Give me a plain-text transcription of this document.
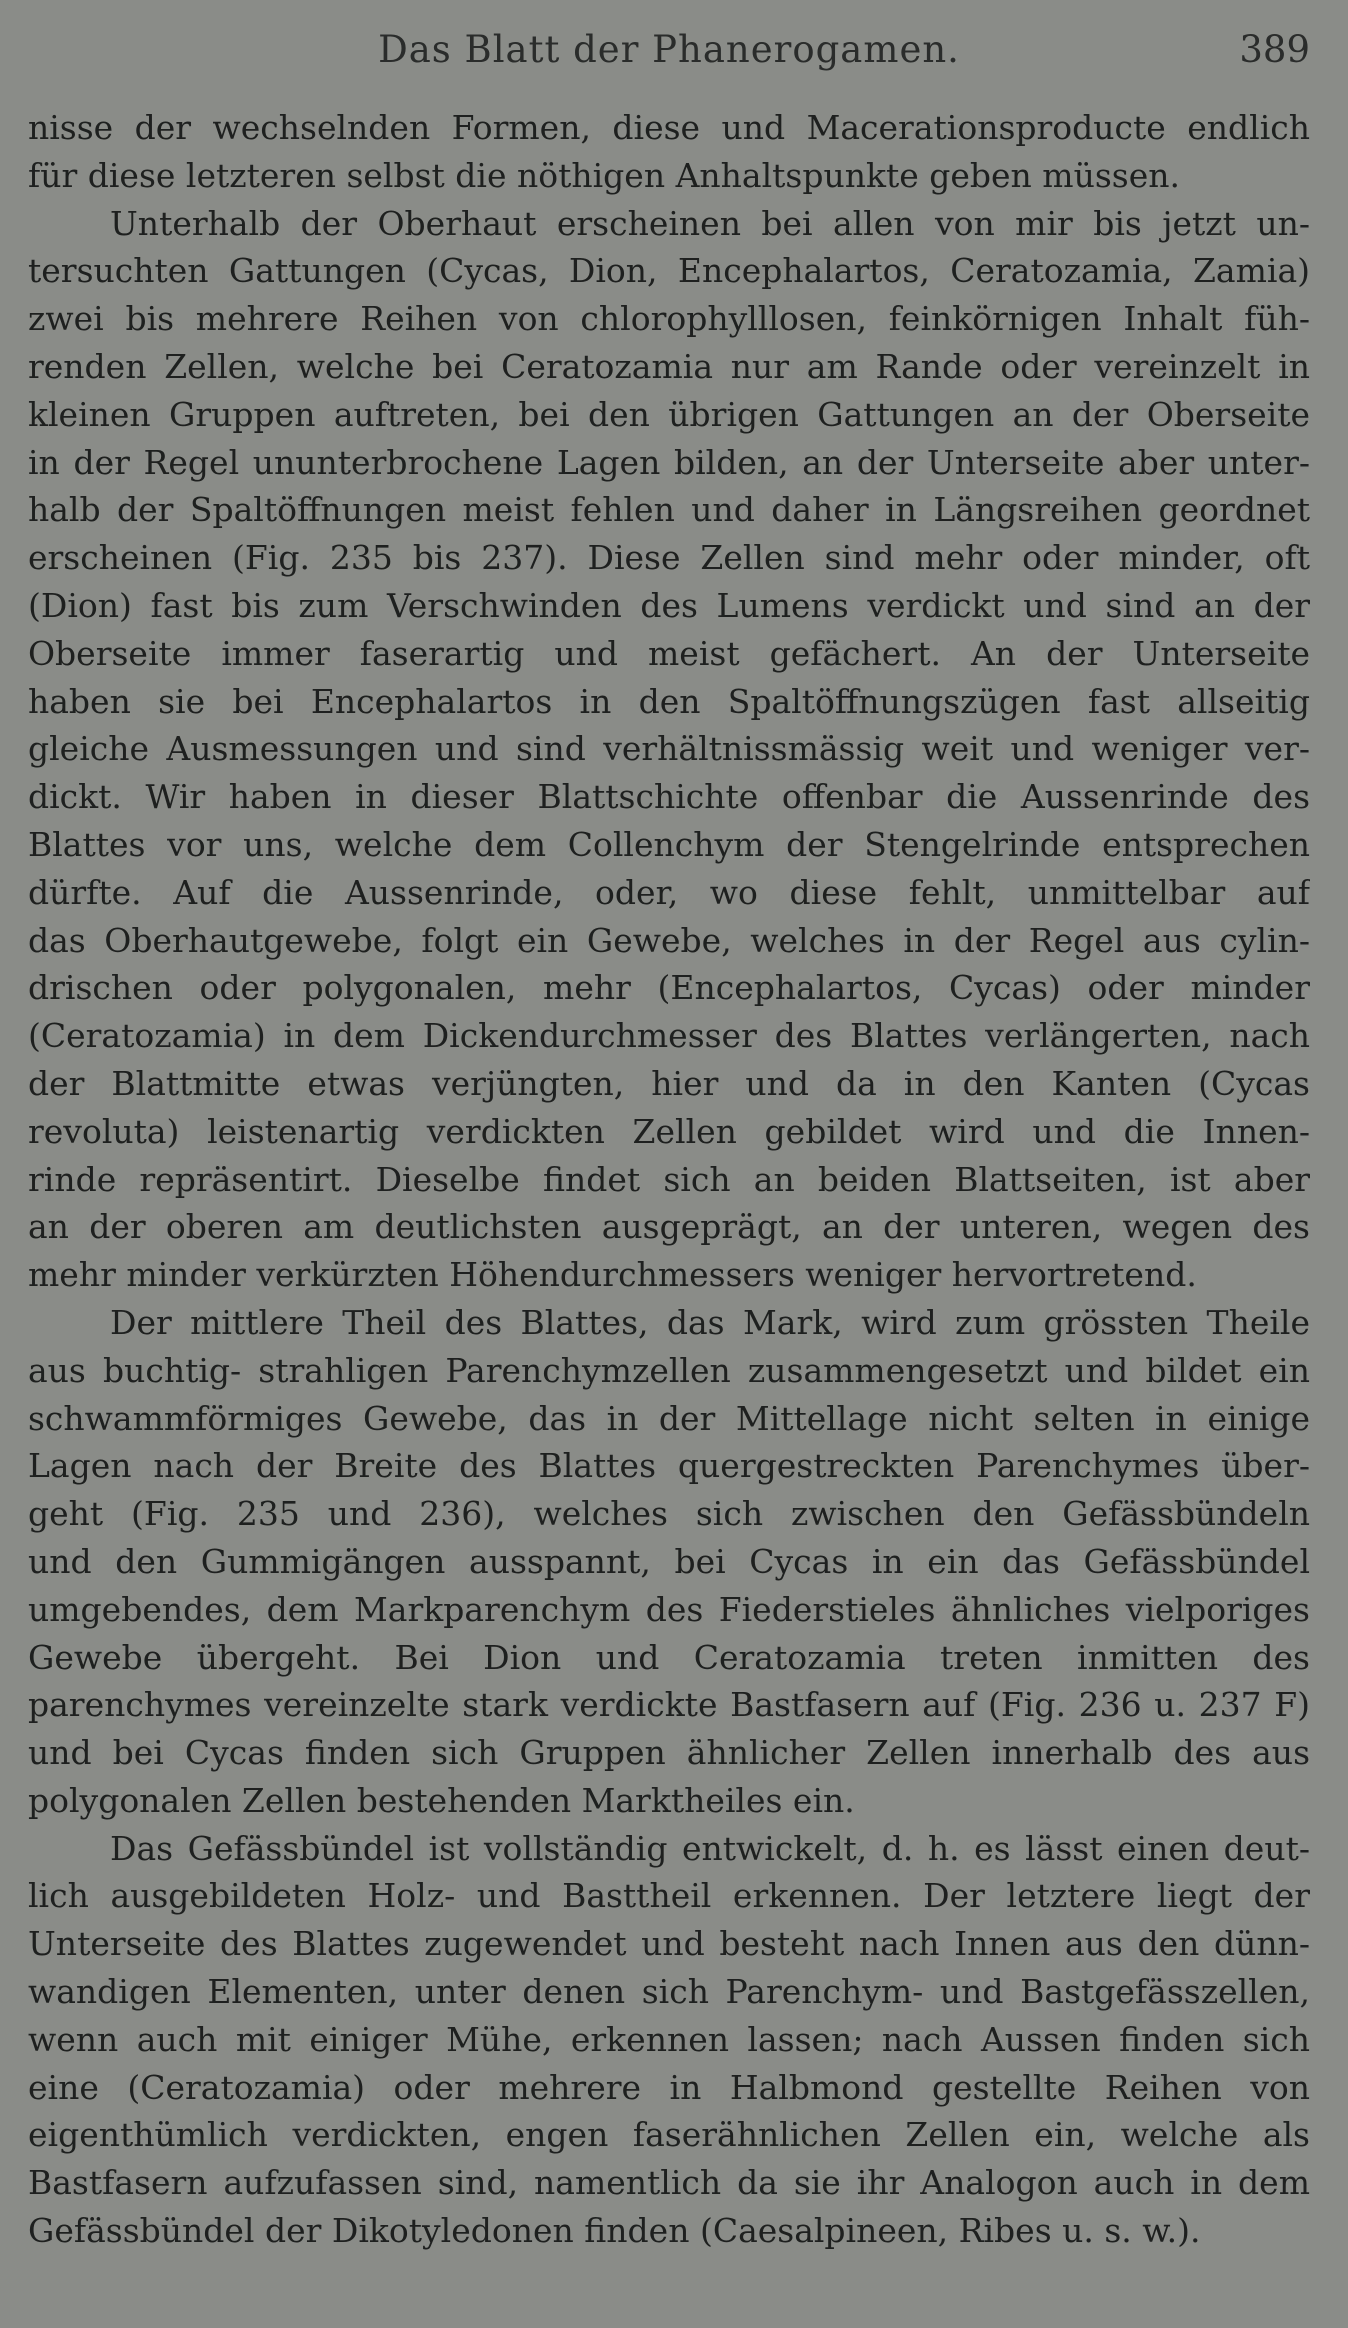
Das Blatt der Phanerogamen.	389

nisse der wechselnden Formen, diese und Macerationsproducte endlich
für diese letzteren selbst die nöthigen Anhaltspunkte geben müssen.

Unterhalb der Oberhaut erscheinen bei allen von mir bis jetzt un-
tersuchten Gattungen (Cycas, Dion, Encephalartos, Ceratozamia, Zamia)
zwei bis mehrere Reihen von chlorophylllosen, feinkörnigen Inhalt füh-
renden Zellen, welche bei Ceratozamia nur am Rande oder vereinzelt in
kleinen Gruppen auftreten, bei den übrigen Gattungen an der Oberseite
in der Regel ununterbrochene Lagen bilden, an der Unterseite aber unter-
halb der Spaltöffnungen meist fehlen und daher in Längsreihen geordnet
erscheinen (Fig. 235 bis 237). Diese Zellen sind mehr oder minder, oft
(Dion) fast bis zum Verschwinden des Lumens verdickt und sind an der
Oberseite immer faserartig und meist gefächert. An der Unterseite
haben sie bei Encephalartos in den Spaltöffnungszügen fast allseitig
gleiche Ausmessungen und sind verhältnissmässig weit und weniger ver-
dickt. Wir haben in dieser Blattschichte offenbar die Aussenrinde des
Blattes vor uns, welche dem Collenchym der Stengelrinde entsprechen
dürfte. Auf die Aussenrinde, oder, wo diese fehlt, unmittelbar auf
das Oberhautgewebe, folgt ein Gewebe, welches in der Regel aus cylin-
drischen oder polygonalen, mehr (Encephalartos, Cycas) oder minder
(Ceratozamia) in dem Dickendurchmesser des Blattes verlängerten, nach
der Blattmitte etwas verjüngten, hier und da in den Kanten (Cycas
revoluta) leistenartig verdickten Zellen gebildet wird und die Innen-
rinde repräsentirt. Dieselbe findet sich an beiden Blattseiten, ist aber
an der oberen am deutlichsten ausgeprägt, an der unteren, wegen des
mehr minder verkürzten Höhendurchmessers weniger hervortretend.

Der mittlere Theil des Blattes, das Mark, wird zum grössten Theile
aus buchtig- strahligen Parenchymzellen zusammengesetzt und bildet ein
schwammförmiges Gewebe, das in der Mittellage nicht selten in einige
Lagen nach der Breite des Blattes quergestreckten Parenchymes über-
geht (Fig. 235 und 236), welches sich zwischen den Gefässbündeln
und den Gummigängen ausspannt, bei Cycas in ein das Gefässbündel
umgebendes, dem Markparenchym des Fiederstieles ähnliches vielporiges
Gewebe übergeht. Bei Dion und Ceratozamia treten inmitten des
parenchymes vereinzelte stark verdickte Bastfasern auf (Fig. 236 u. 237 F)
und bei Cycas finden sich Gruppen ähnlicher Zellen innerhalb des aus
polygonalen Zellen bestehenden Marktheiles ein.

Das Gefässbündel ist vollständig entwickelt, d. h. es lässt einen deut-
lich ausgebildeten Holz- und Basttheil erkennen. Der letztere liegt der
Unterseite des Blattes zugewendet und besteht nach Innen aus den dünn-
wandigen Elementen, unter denen sich Parenchym- und Bastgefässzellen,
wenn auch mit einiger Mühe, erkennen lassen; nach Aussen finden sich
eine (Ceratozamia) oder mehrere in Halbmond gestellte Reihen von
eigenthümlich verdickten, engen faserähnlichen Zellen ein, welche als
Bastfasern aufzufassen sind, namentlich da sie ihr Analogon auch in dem
Gefässbündel der Dikotyledonen finden (Caesalpineen, Ribes u. s. w.).
